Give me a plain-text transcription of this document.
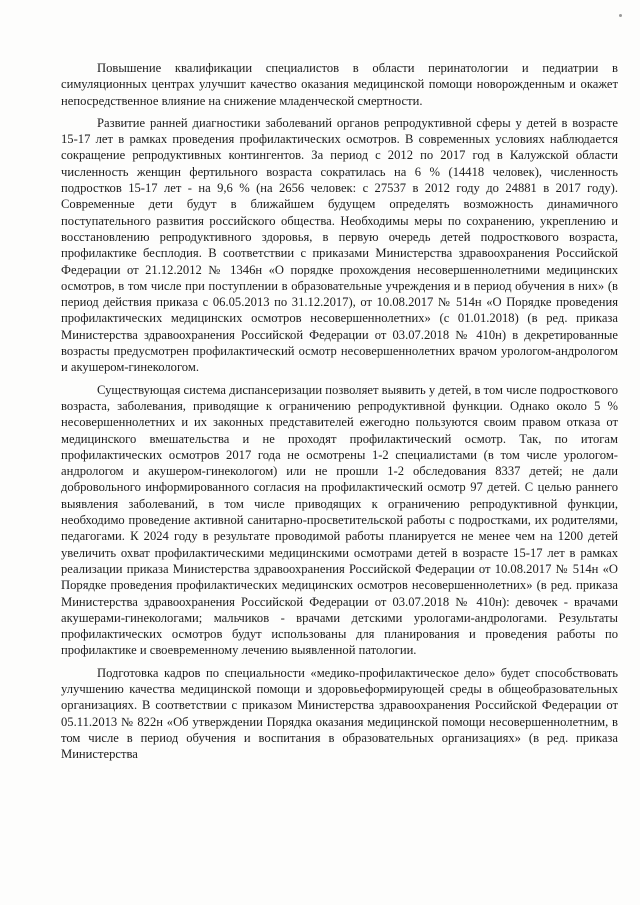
Повышение квалификации специалистов в области перинатологии и педиатрии в симуляционных центрах улучшит качество оказания медицинской помощи новорожденным и окажет непосредственное влияние на снижение младенческой смертности.

Развитие ранней диагностики заболеваний органов репродуктивной сферы у детей в возрасте 15-17 лет в рамках проведения профилактических осмотров. В современных условиях наблюдается сокращение репродуктивных контингентов. За период с 2012 по 2017 год в Калужской области численность женщин фертильного возраста сократилась на 6 % (14418 человек), численность подростков 15-17 лет - на 9,6 % (на 2656 человек: с 27537 в 2012 году до 24881 в 2017 году). Современные дети будут в ближайшем будущем определять возможность динамичного поступательного развития российского общества. Необходимы меры по сохранению, укреплению и восстановлению репродуктивного здоровья, в первую очередь детей подросткового возраста, профилактике бесплодия. В соответствии с приказами Министерства здравоохранения Российской Федерации от 21.12.2012 № 1346н «О порядке прохождения несовершеннолетними медицинских осмотров, в том числе при поступлении в образовательные учреждения и в период обучения в них» (в период действия приказа с 06.05.2013 по 31.12.2017), от 10.08.2017 № 514н «О Порядке проведения профилактических медицинских осмотров несовершеннолетних» (с 01.01.2018) (в ред. приказа Министерства здравоохранения Российской Федерации от 03.07.2018 № 410н) в декретированные возрасты предусмотрен профилактический осмотр несовершеннолетних врачом урологом-андрологом и акушером-гинекологом.

Существующая система диспансеризации позволяет выявить у детей, в том числе подросткового возраста, заболевания, приводящие к ограничению репродуктивной функции. Однако около 5 % несовершеннолетних и их законных представителей ежегодно пользуются своим правом отказа от медицинского вмешательства и не проходят профилактический осмотр. Так, по итогам профилактических осмотров 2017 года не осмотрены 1-2 специалистами (в том числе урологом-андрологом и акушером-гинекологом) или не прошли 1-2 обследования 8337 детей; не дали добровольного информированного согласия на профилактический осмотр 97 детей. С целью раннего выявления заболеваний, в том числе приводящих к ограничению репродуктивной функции, необходимо проведение активной санитарно-просветительской работы с подростками, их родителями, педагогами. К 2024 году в результате проводимой работы планируется не менее чем на 1200 детей увеличить охват профилактическими медицинскими осмотрами детей в возрасте 15-17 лет в рамках реализации приказа Министерства здравоохранения Российской Федерации от 10.08.2017 № 514н «О Порядке проведения профилактических медицинских осмотров несовершеннолетних» (в ред. приказа Министерства здравоохранения Российской Федерации от 03.07.2018 № 410н): девочек - врачами акушерами-гинекологами; мальчиков - врачами детскими урологами-андрологами. Результаты профилактических осмотров будут использованы для планирования и проведения работы по профилактике и своевременному лечению выявленной патологии.

Подготовка кадров по специальности «медико-профилактическое дело» будет способствовать улучшению качества медицинской помощи и здоровьеформирующей среды в общеобразовательных организациях. В соответствии с приказом Министерства здравоохранения Российской Федерации от 05.11.2013 № 822н «Об утверждении Порядка оказания медицинской помощи несовершеннолетним, в том числе в период обучения и воспитания в образовательных организациях» (в ред. приказа Министерства
